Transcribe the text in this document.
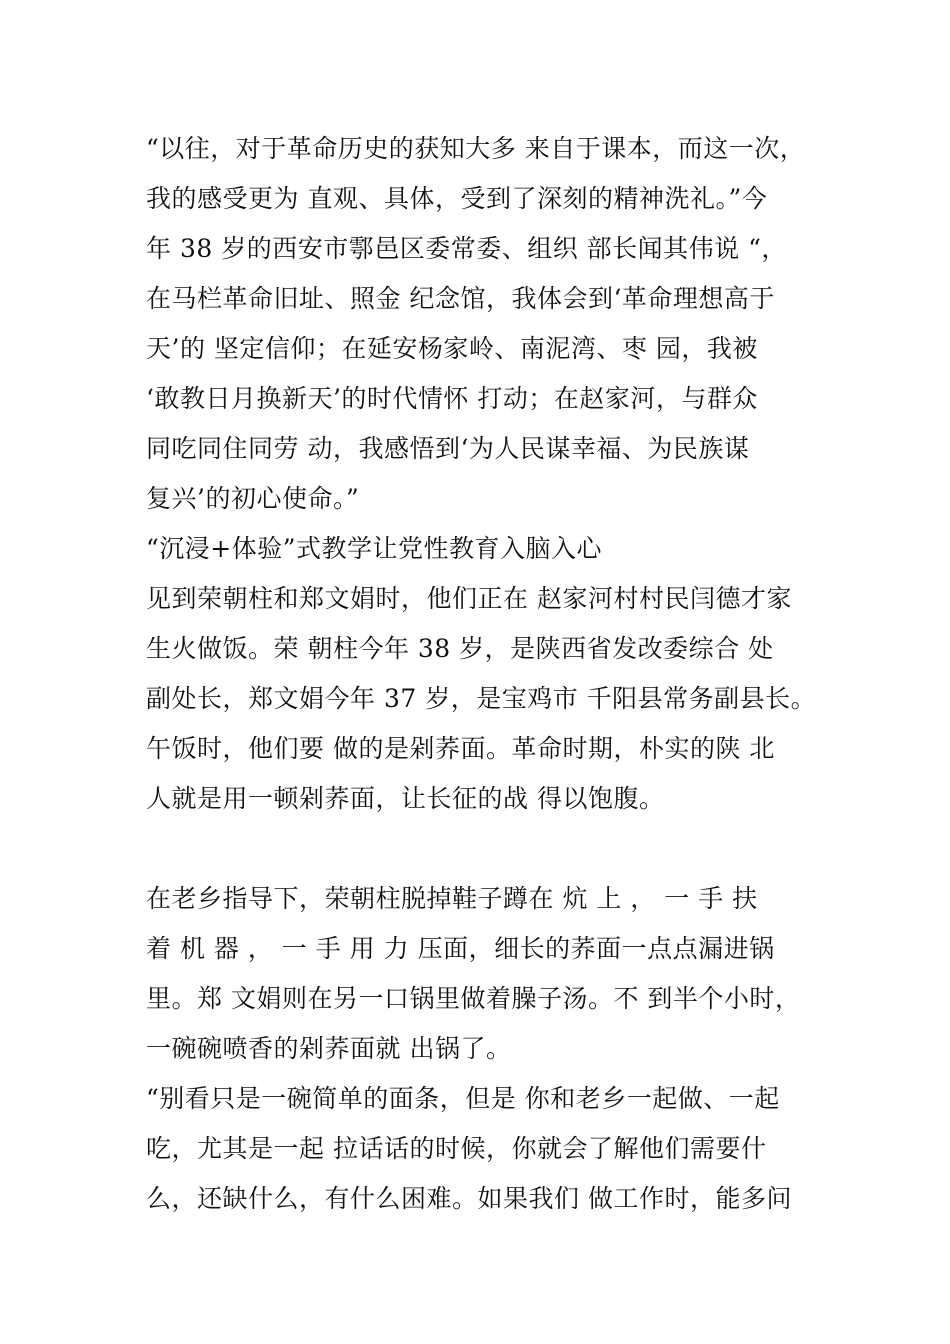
“以往，对于革命历史的获知大多 来自于课本，而这一次，
我的感受更为 直观、具体，受到了深刻的精神洗礼。”今
年 38 岁的西安市鄠邑区委常委、组织 部长闻其伟说 “，
在马栏革命旧址、照金 纪念馆，我体会到‘革命理想高于
天’的 坚定信仰；在延安杨家岭、南泥湾、枣 园，我被
‘敢教日月换新天’的时代情怀 打动；在赵家河，与群众
同吃同住同劳 动，我感悟到‘为人民谋幸福、为民族谋
复兴’的初心使命。”
“沉浸+体验”式教学让党性教育入脑入心
见到荣朝柱和郑文娟时，他们正在 赵家河村村民闫德才家
生火做饭。荣 朝柱今年 38 岁，是陕西省发改委综合 处
副处长，郑文娟今年 37 岁，是宝鸡市 千阳县常务副县长。
午饭时，他们要 做的是剁荞面。革命时期，朴实的陕 北
人就是用一顿剁荞面，让长征的战 得以饱腹。
在老乡指导下，荣朝柱脱掉鞋子蹲在 炕 上 ， 一 手 扶
着 机 器 ， 一 手 用 力 压面，细长的荞面一点点漏进锅
里。郑 文娟则在另一口锅里做着臊子汤。不 到半个小时，
一碗碗喷香的剁荞面就 出锅了。
“别看只是一碗简单的面条，但是 你和老乡一起做、一起
吃，尤其是一起 拉话话的时候，你就会了解他们需要什
么，还缺什么，有什么困难。如果我们 做工作时，能多问
